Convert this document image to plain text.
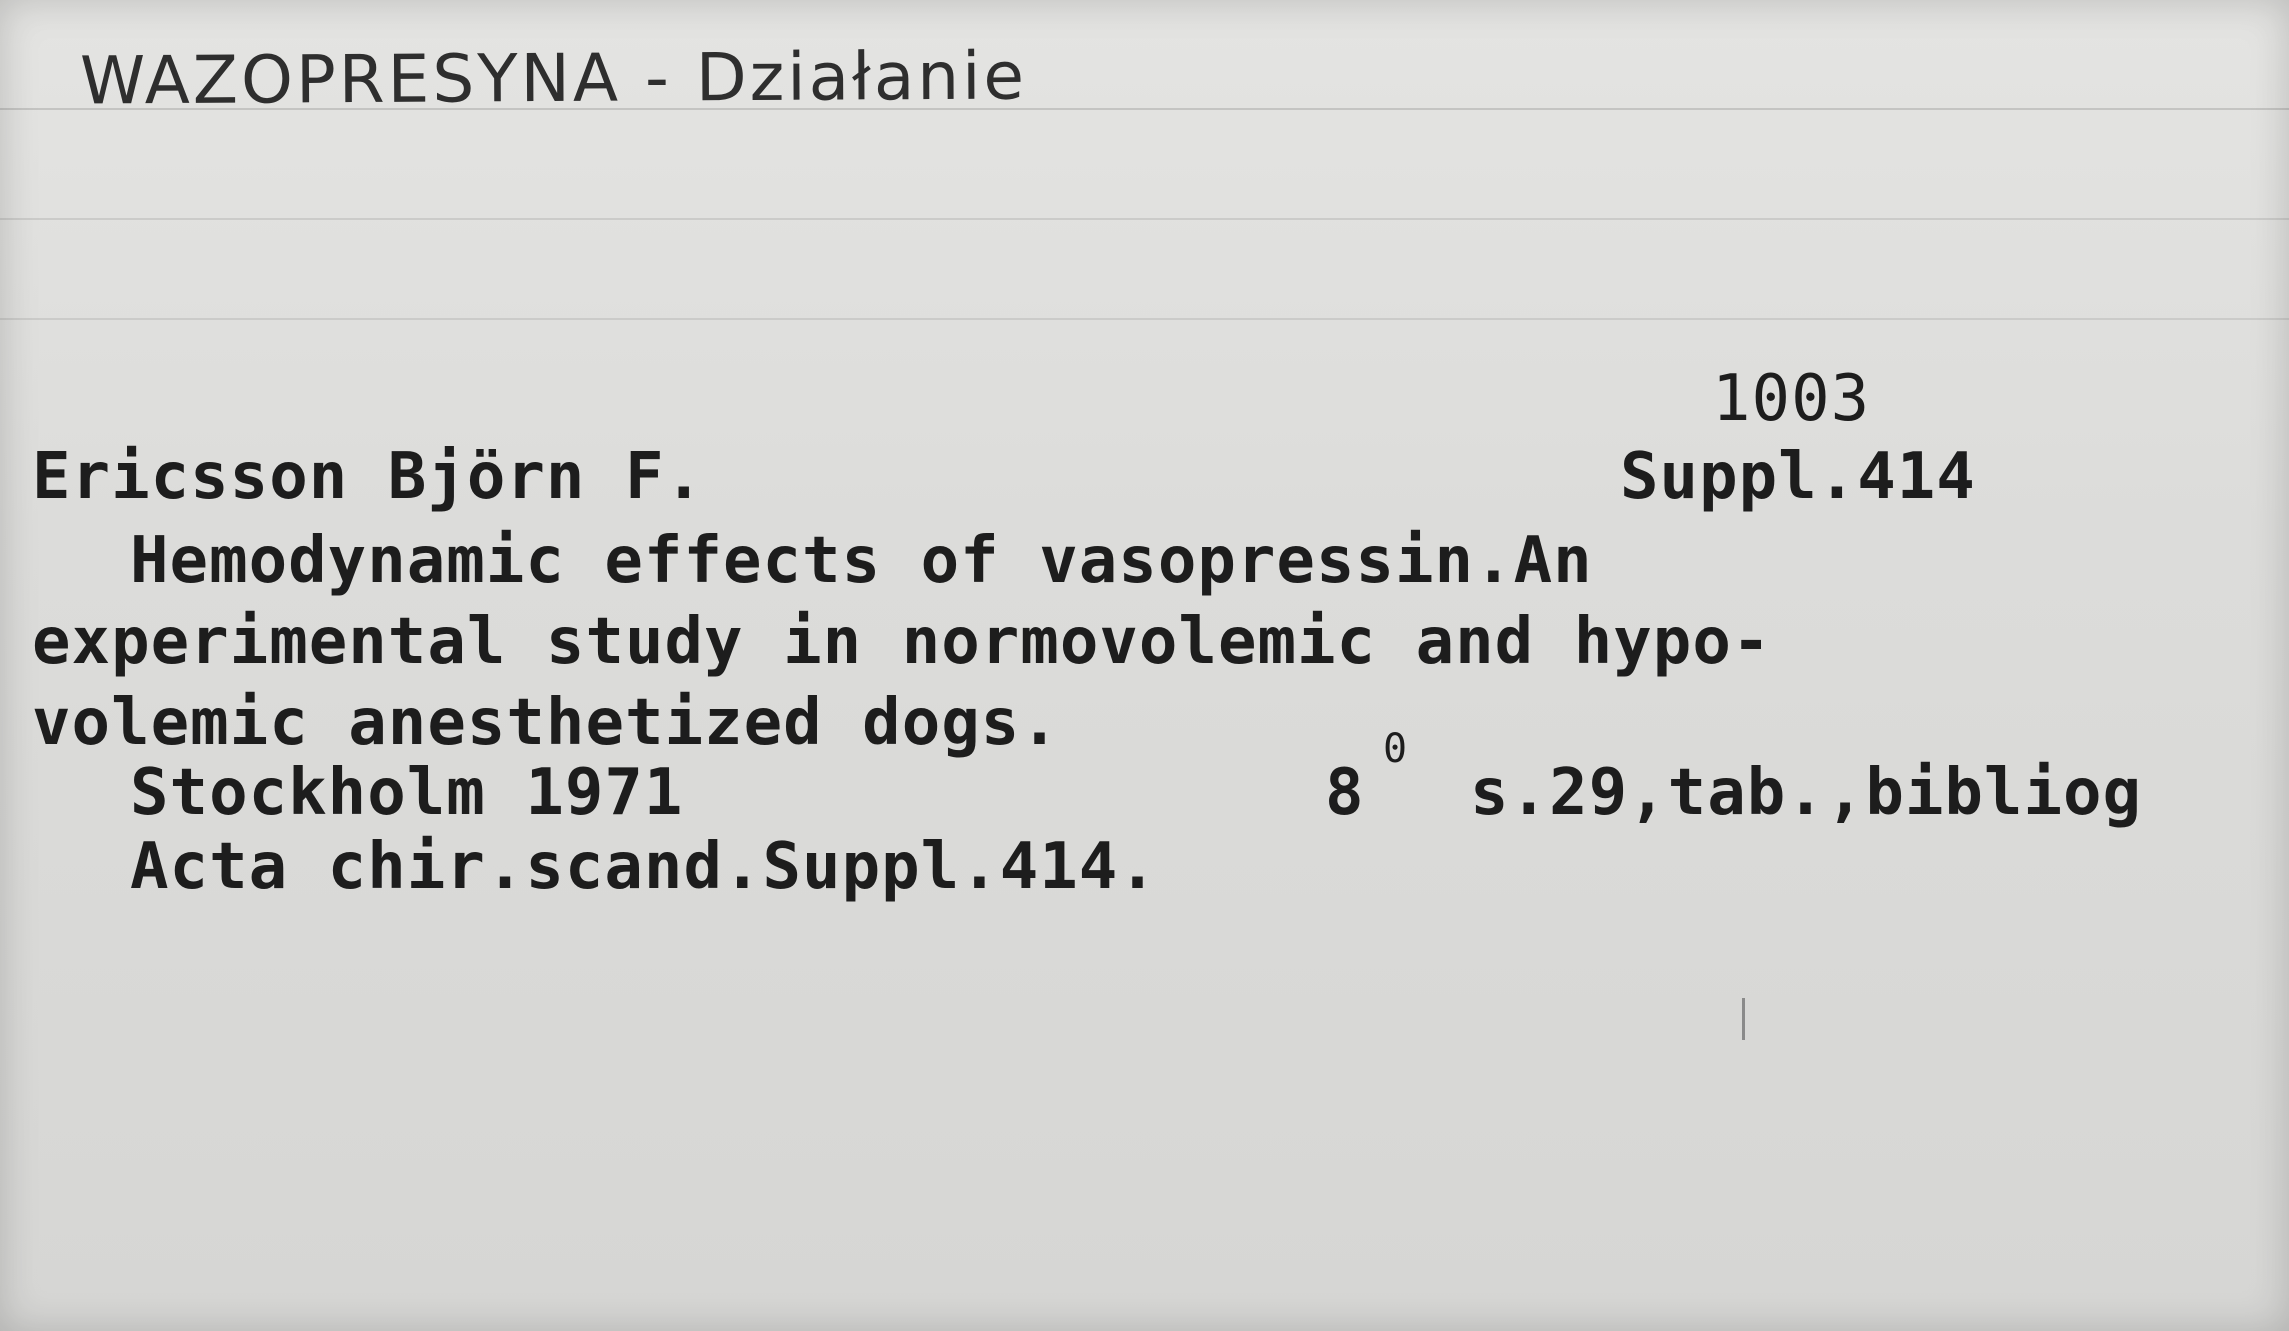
WAZOPRESYNA - Działanie
1003
Suppl.414
Ericsson Björn F.
Hemodynamic effects of vasopressin.An
experimental study in normovolemic and hypo-
volemic anesthetized dogs.
Stockholm 1971	8
0
s.29,tab.,bibliog
Acta chir.scand.Suppl.414.
